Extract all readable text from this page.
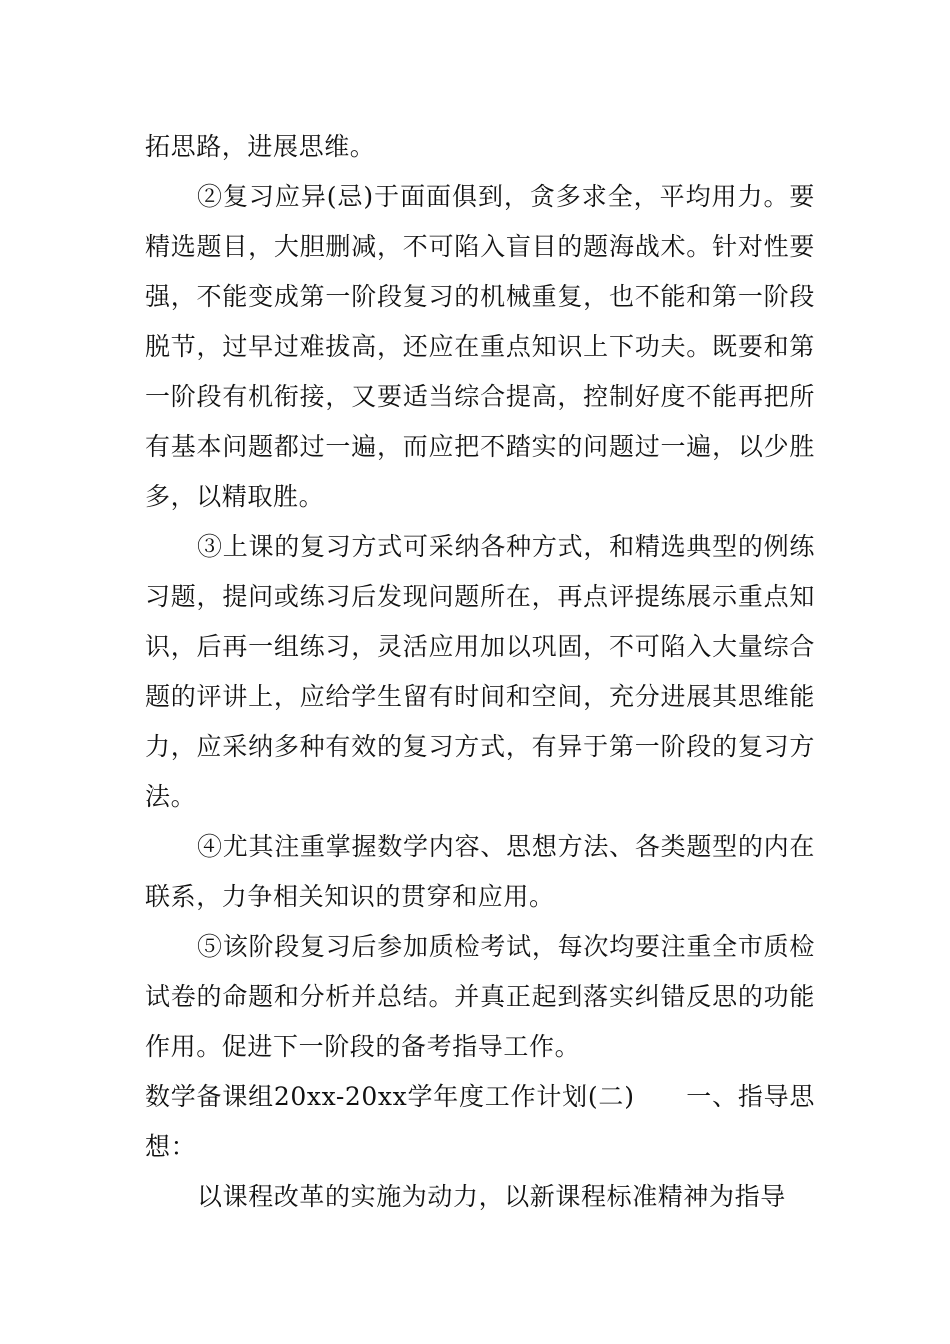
拓思路，进展思维。

②复习应异(忌)于面面俱到，贪多求全，平均用力。要精选题目，大胆删减，不可陷入盲目的题海战术。针对性要强，不能变成第一阶段复习的机械重复，也不能和第一阶段脱节，过早过难拔高，还应在重点知识上下功夫。既要和第一阶段有机衔接，又要适当综合提高，控制好度不能再把所有基本问题都过一遍，而应把不踏实的问题过一遍，以少胜多，以精取胜。

③上课的复习方式可采纳各种方式，和精选典型的例练习题，提问或练习后发现问题所在，再点评提练展示重点知识，后再一组练习，灵活应用加以巩固，不可陷入大量综合题的评讲上，应给学生留有时间和空间，充分进展其思维能力，应采纳多种有效的复习方式，有异于第一阶段的复习方法。

④尤其注重掌握数学内容、思想方法、各类题型的内在联系，力争相关知识的贯穿和应用。

⑤该阶段复习后参加质检考试，每次均要注重全市质检试卷的命题和分析并总结。并真正起到落实纠错反思的功能作用。促进下一阶段的备考指导工作。

数学备课组20xx-20xx学年度工作计划(二)　　一、指导思想：

以课程改革的实施为动力，以新课程标准精神为指导
